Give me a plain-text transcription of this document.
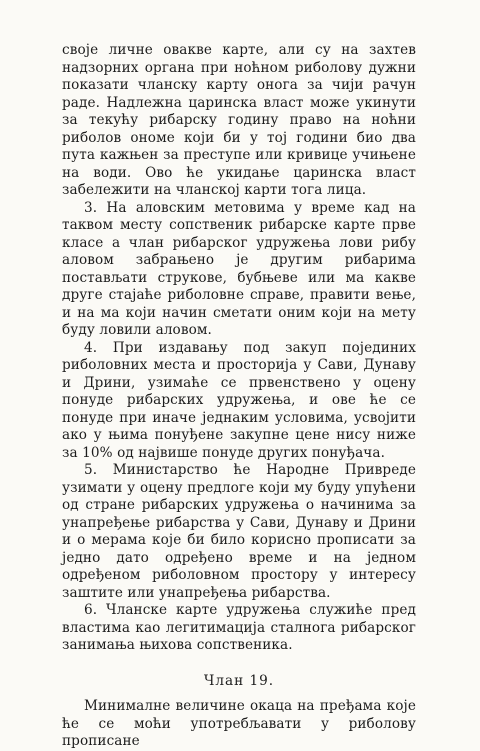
своје личне овакве карте, али су на захтев надзорних органа при ноћном риболову дужни показати чланску карту онога за чији рачун раде. Надлежна царинска власт може укинути за текућу рибарску годину право на ноћни риболов ономе који би у тој години био два пута кажњен за преступе или кривице учињене на води. Ово ће укидање царинска власт забележити на чланској карти тога лица.

3. На аловским метовима у време кад на таквом месту сопственик рибарске карте прве класе а члан рибарског удружења лови рибу аловом забрањено је другим рибарима постављати струкове, бубњеве или ма какве друге стајаће риболовне справе, правити вење, и на ма који начин сметати оним који на мету буду ловили аловом.

4. При издавању под закуп појединих риболовних места и просторија у Сави, Дунаву и Дрини, узимаће се првенствено у оцену понуде рибарских удружења, и ове ће се понуде при иначе једнаким условима, усвојити ако у њима понуђене закупне цене нису ниже за 10% од највише понуде других понуђача.

5. Министарство ће Народне Привреде узимати у оцену предлоге који му буду упућени од стране рибарских удружења о начинима за унапређење рибарства у Сави, Дунаву и Дрини и о мерама које би било корисно прописати за једно дато одређено време и на једном одређеном риболовном простору у интересу заштите или унапређења рибарства.

6. Чланске карте удружења служиће пред властима као легитимација сталнога рибарског занимања њихова сопственика.

Члан 19.

Минималне величине окаца на пређама које ће се моћи употребљавати у риболову прописане
